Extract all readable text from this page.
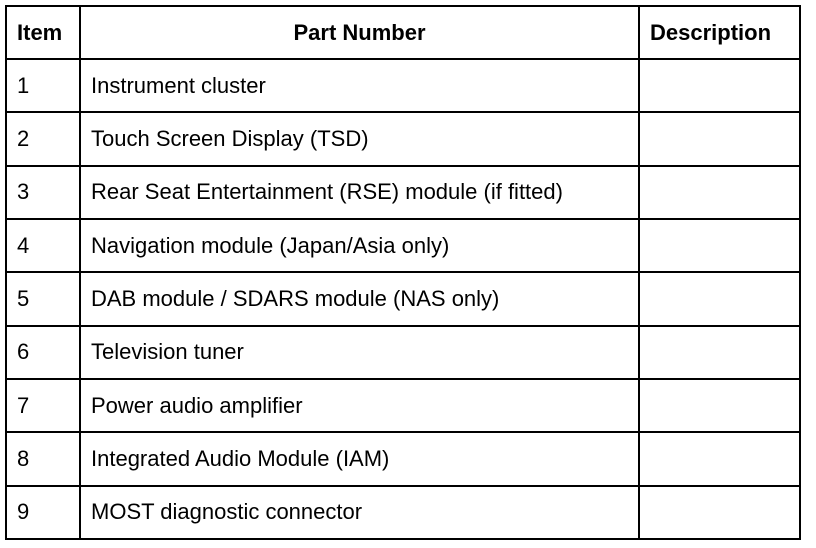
Item	Part Number	Description
1	Instrument cluster	
2	Touch Screen Display (TSD)	
3	Rear Seat Entertainment (RSE) module (if fitted)	
4	Navigation module (Japan/Asia only)	
5	DAB module / SDARS module (NAS only)	
6	Television tuner	
7	Power audio amplifier	
8	Integrated Audio Module (IAM)	
9	MOST diagnostic connector	
